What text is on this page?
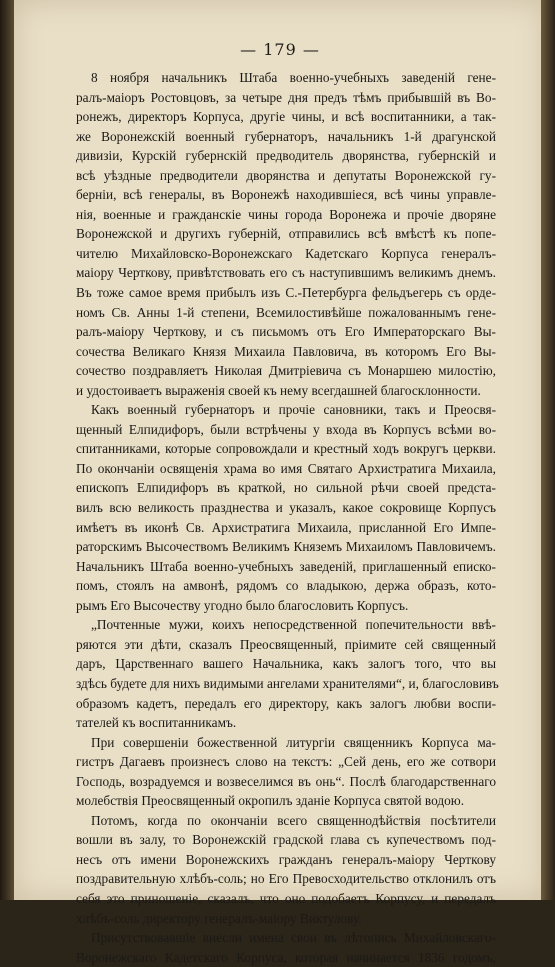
— 179 —
8 ноября начальникъ Штаба военно-учебныхъ заведеній гене-
ралъ-маіоръ Ростовцовъ, за четыре дня предъ тѣмъ прибывшій въ Во-
ронежъ, директоръ Корпуса, другіе чины, и всѣ воспитанники, а так-
же Воронежскій военный губернаторъ, начальникъ 1-й драгунской
дивизіи, Курскій губернскій предводитель дворянства, губернскій и
всѣ уѣздные предводители дворянства и депутаты Воронежской гу-
берніи, всѣ генералы, въ Воронежѣ находившіеся, всѣ чины управле-
нія, военные и гражданскіе чины города Воронежа и прочіе дворяне
Воронежской и другихъ губерній, отправились всѣ вмѣстѣ къ попе-
чителю Михайловско-Воронежскаго Кадетскаго Корпуса генералъ-
маіору Черткову, привѣтствовать его съ наступившимъ великимъ днемъ.
Въ тоже самое время прибылъ изъ С.-Петербурга фельдъегерь съ орде-
номъ Св. Анны 1-й степени, Всемилостивѣйше пожалованнымъ гене-
ралъ-маіору Черткову, и съ письмомъ отъ Его Императорскаго Вы-
сочества Великаго Князя Михаила Павловича, въ которомъ Его Вы-
сочество поздравляетъ Николая Дмитріевича съ Монаршею милостію,
и удостоиваетъ выраженія своей къ нему всегдашней благосклонности.
Какъ военный губернаторъ и прочіе сановники, такъ и Преосвя-
щенный Елпидифоръ, были встрѣчены у входа въ Корпусъ всѣми во-
спитанниками, которые сопровождали и крестный ходъ вокругъ церкви.
По окончаніи освященія храма во имя Святаго Архистратига Михаила,
епископъ Елпидифоръ въ краткой, но сильной рѣчи своей предста-
вилъ всю великость празднества и указалъ, какое сокровище Корпусъ
имѣетъ въ иконѣ Св. Архистратига Михаила, присланной Его Импе-
раторскимъ Высочествомъ Великимъ Княземъ Михаиломъ Павловичемъ.
Начальникъ Штаба военно-учебныхъ заведеній, приглашенный еписко-
помъ, стоялъ на амвонѣ, рядомъ со владыкою, держа образъ, кото-
рымъ Его Высочеству угодно было благословить Корпусъ.
„Почтенные мужи, коихъ непосредственной попечительности ввѣ-
ряются эти дѣти, сказалъ Преосвященный, пріимите сей священный
даръ, Царственнаго вашего Начальника, какъ залогъ того, что вы
здѣсь будете для нихъ видимыми ангелами хранителями“, и, благословивъ
образомъ кадетъ, передалъ его директору, какъ залогъ любви воспи-
тателей къ воспитанникамъ.
При совершеніи божественной литургіи священникъ Корпуса ма-
гистръ Дагаевъ произнесъ слово на текстъ: „Сей день, его же сотвори
Господь, возрадуемся и возвеселимся въ онь“. Послѣ благодарственнаго
молебствія Преосвященный окропилъ зданіе Корпуса святой водою.
Потомъ, когда по окончаніи всего священнодѣйствія посѣтители
вошли въ залу, то Воронежскій градской глава съ купечествомъ под-
несъ отъ имени Воронежскихъ гражданъ генералъ-маіору Черткову
поздравительную хлѣбъ-соль; но Его Превосходительство отклонилъ отъ
себя это приношеніе, сказалъ, что оно подобаетъ Корпусу, и передалъ
хлѣбъ-соль директору генералъ-маіору Виктулову.
Присутствовавшіе внесли имена свои въ лѣтопись Михайловскаго-
Воронежскаго Кадетскаго Корпуса, которая начинается 1836 годомъ,
